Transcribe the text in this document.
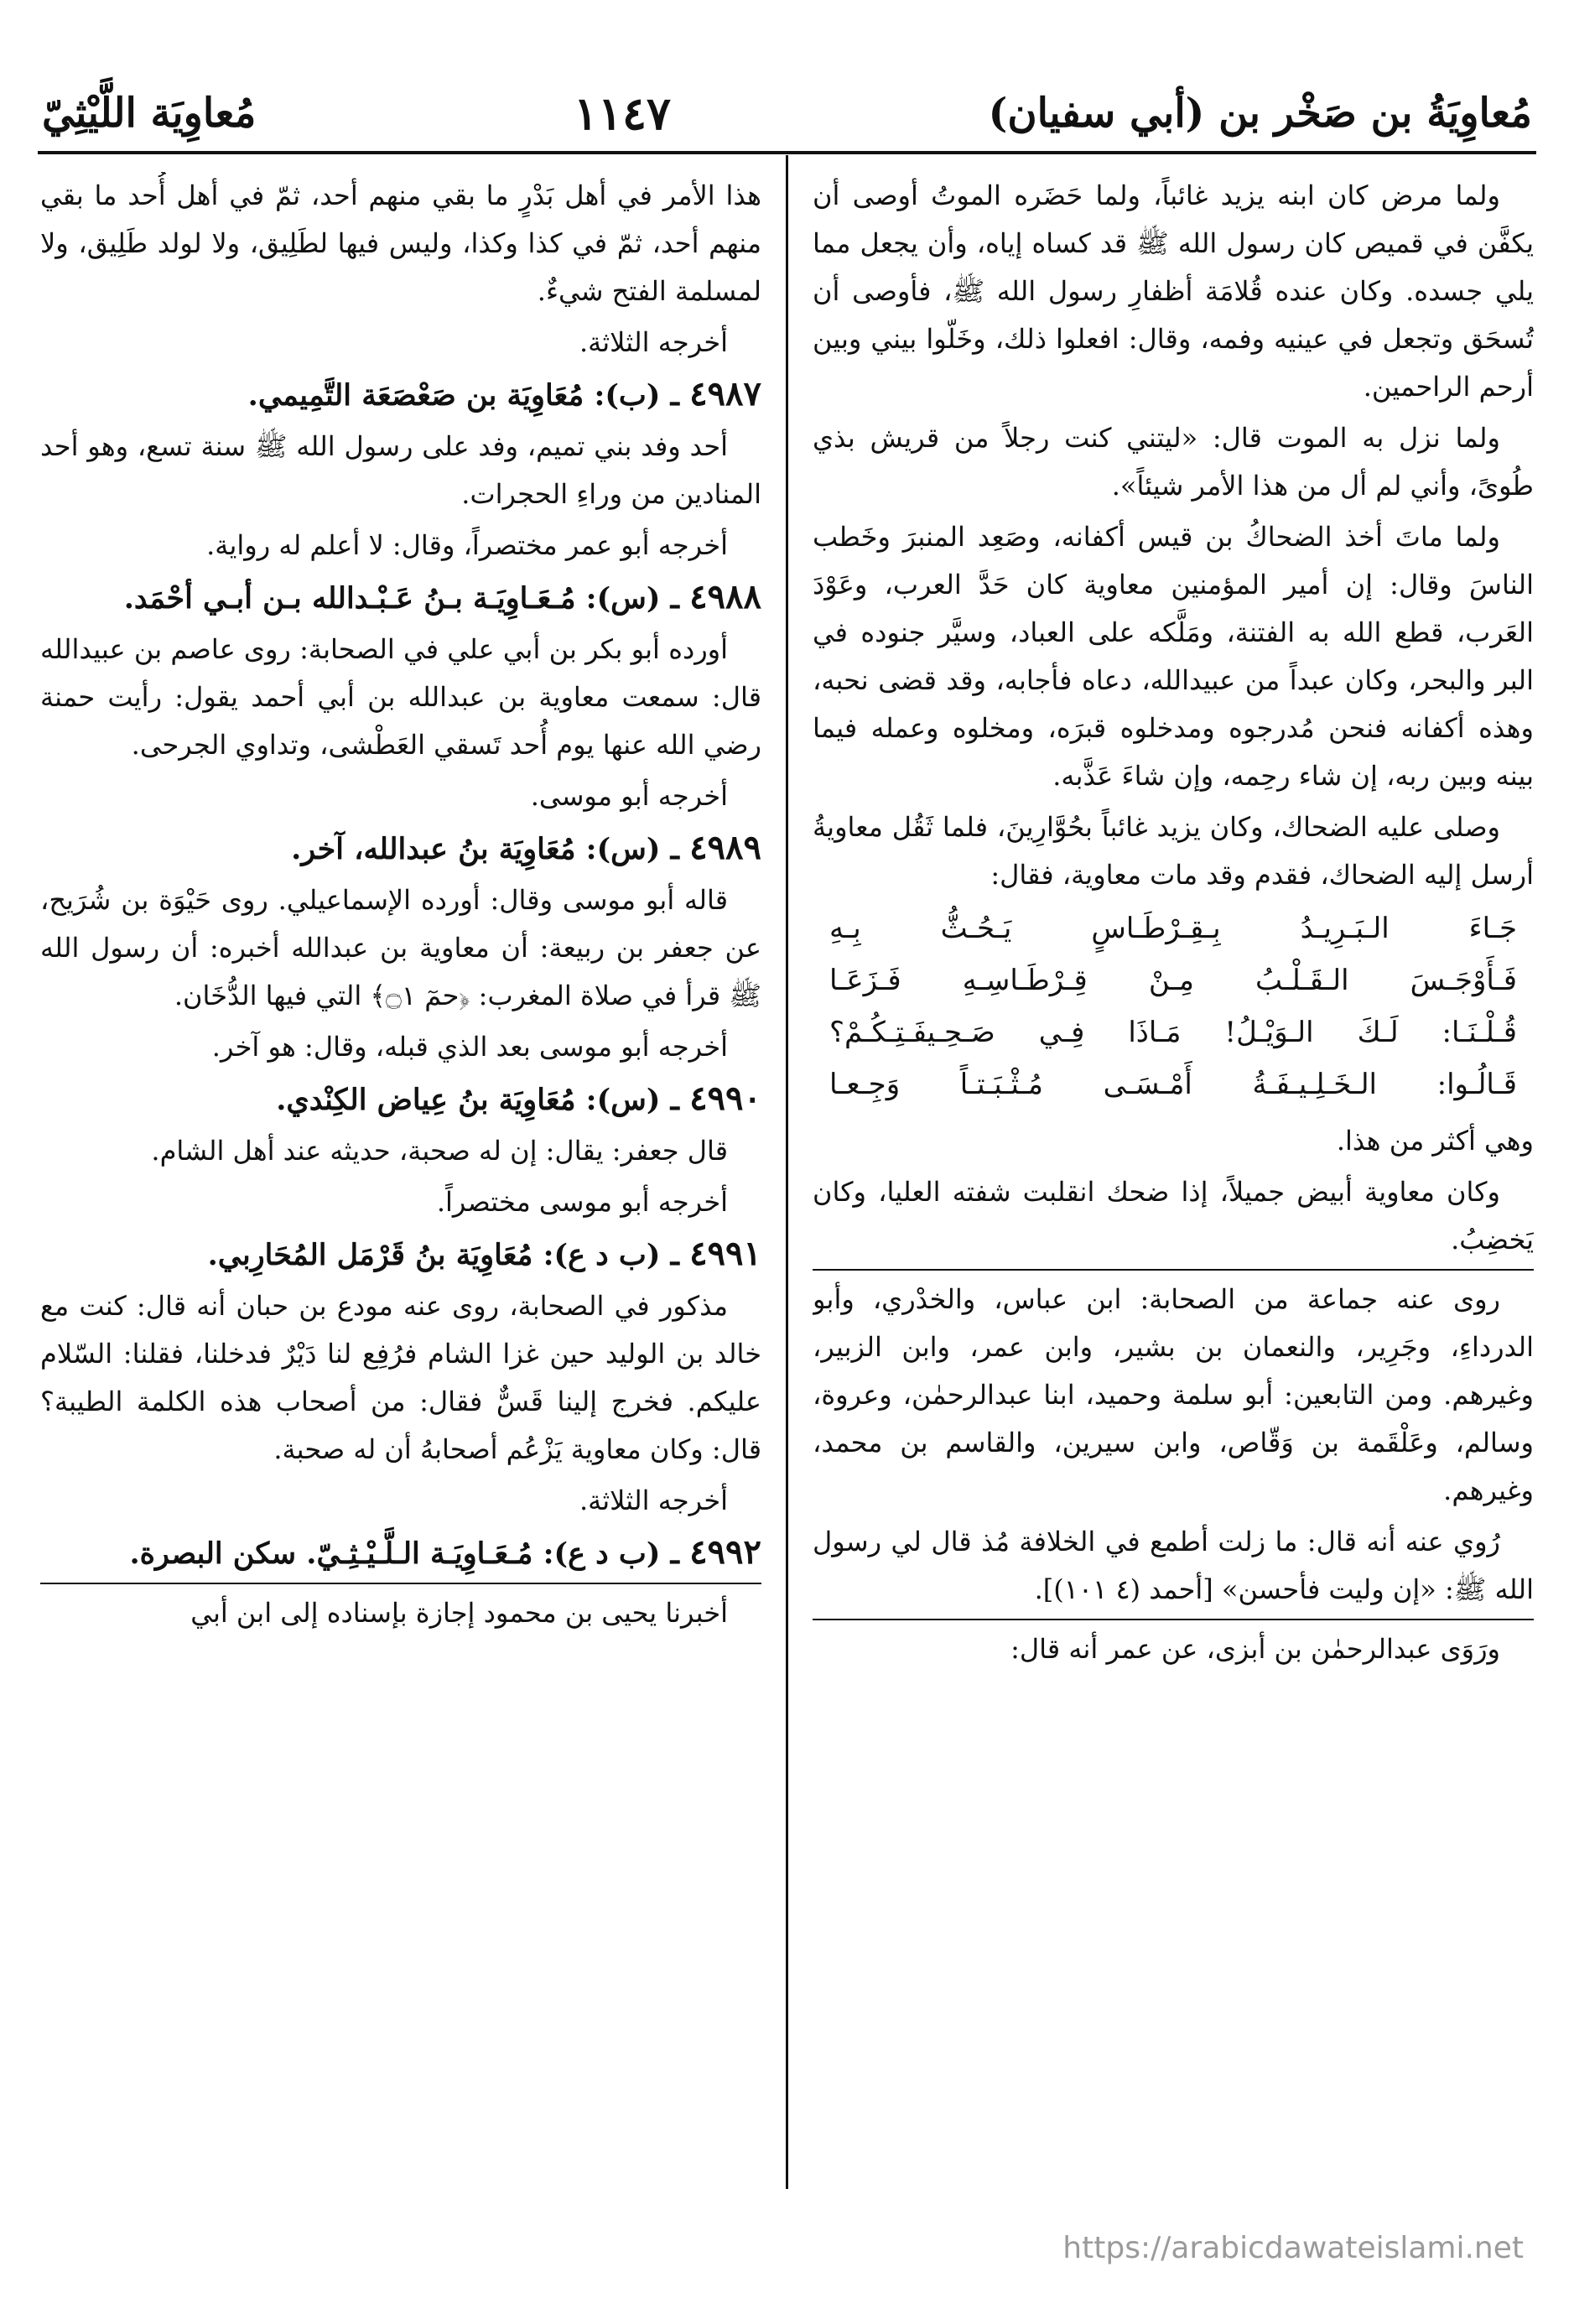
مُعاوِيَةُ بن صَخْر بن (أبي سفيان)
١١٤٧
مُعاوِيَة اللَّيْثِيّ

ولما مرض كان ابنه يزيد غائباً، ولما حَضَره الموتُ أوصى أن يكفَّن في قميص كان رسول الله ﷺ قد كساه إياه، وأن يجعل مما يلي جسده. وكان عنده قُلامَة أظفارِ رسول الله ﷺ، فأوصى أن تُسحَق وتجعل في عينيه وفمه، وقال: افعلوا ذلك، وخَلّوا بيني وبين أرحم الراحمين.

ولما نزل به الموت قال: «ليتني كنت رجلاً من قريش بذي طُوىً، وأني لم أل من هذا الأمر شيئاً».

ولما ماتَ أخذ الضحاكُ بن قيس أكفانه، وصَعِد المنبرَ وخَطب الناسَ وقال: إن أمير المؤمنين معاوية كان حَدَّ العرب، وعَوْدَ العَرب، قطع الله به الفتنة، ومَلَّكه على العباد، وسيَّر جنوده في البر والبحر، وكان عبداً من عبيدالله، دعاه فأجابه، وقد قضى نحبه، وهذه أكفانه فنحن مُدرجوه ومدخلوه قبرَه، ومخلوه وعمله فيما بينه وبين ربه، إن شاء رحِمه، وإن شاءَ عَذَّبه.

وصلى عليه الضحاك، وكان يزيد غائباً بحُوَّارِينَ، فلما ثَقُل معاويةُ أرسل إليه الضحاك، فقدم وقد مات معاوية، فقال:

جَـاءَ الـبَـرِيـدُ بِـقِـرْطَـاسٍ يَـحُـثُّ بِـهِ
فَـأَوْجَـسَ الـقَـلْـبُ مِـنْ قِـرْطَـاسِـهِ فَـزَعَـا
قُـلْـنَـا: لَـكَ الـوَيْـلُ! مَـاذَا فِـي صَـحِـيفَـتِـكُـمْ؟
قَـالُـوا: الـخَـلِـيـفَـةُ أَمْـسَـى مُـثْـبَـتـاً وَجِـعـا

وهي أكثر من هذا.

وكان معاوية أبيض جميلاً، إذا ضحك انقلبت شفته العليا، وكان يَخضِبُ.

روى عنه جماعة من الصحابة: ابن عباس، والخدْري، وأبو الدرداءِ، وجَرِير، والنعمان بن بشير، وابن عمر، وابن الزبير، وغيرهم. ومن التابعين: أبو سلمة وحميد، ابنا عبدالرحمٰن، وعروة، وسالم، وعَلْقَمة بن وَقّاص، وابن سيرين، والقاسم بن محمد، وغيرهم.

رُوي عنه أنه قال: ما زلت أطمع في الخلافة مُذ قال لي رسول الله ﷺ: «إن وليت فأحسن» [أحمد (٤ ١٠١)].

ورَوَى عبدالرحمٰن بن أبزى، عن عمر أنه قال:

هذا الأمر في أهل بَدْرٍ ما بقي منهم أحد، ثمّ في أهل أُحد ما بقي منهم أحد، ثمّ في كذا وكذا، وليس فيها لطَلِيق، ولا لولد طَلِيق، ولا لمسلمة الفتح شيءٌ.

أخرجه الثلاثة.

٤٩٨٧ ـ (ب): مُعَاوِيَة بن صَعْصَعَة التَّمِيمي.

أحد وفد بني تميم، وفد على رسول الله ﷺ سنة تسع، وهو أحد المنادين من وراءِ الحجرات.

أخرجه أبو عمر مختصراً، وقال: لا أعلم له رواية.

٤٩٨٨ ـ (س): مُـعَـاوِيَـة بـنُ عَـبْـدالله بـن أبـي أحْمَد.

أورده أبو بكر بن أبي علي في الصحابة: روى عاصم بن عبيدالله قال: سمعت معاوية بن عبدالله بن أبي أحمد يقول: رأيت حمنة رضي الله عنها يوم أُحد تَسقي العَطْشى، وتداوي الجرحى.

أخرجه أبو موسى.

٤٩٨٩ ـ (س): مُعَاوِيَة بنُ عبدالله، آخر.

قاله أبو موسى وقال: أورده الإسماعيلي. روى حَيْوَة بن شُرَيح، عن جعفر بن ربيعة: أن معاوية بن عبدالله أخبره: أن رسول الله ﷺ قرأ في صلاة المغرب: ﴿حمٓ ۝١﴾ التي فيها الدُّخَان.

أخرجه أبو موسى بعد الذي قبله، وقال: هو آخر.

٤٩٩٠ ـ (س): مُعَاوِيَة بنُ عِياض الكِنْدي.

قال جعفر: يقال: إن له صحبة، حديثه عند أهل الشام.

أخرجه أبو موسى مختصراً.

٤٩٩١ ـ (ب د ع): مُعَاوِيَة بنُ قَرْمَل المُحَارِبي.

مذكور في الصحابة، روى عنه مودع بن حبان أنه قال: كنت مع خالد بن الوليد حين غزا الشام فرُفِع لنا دَيْرٌ فدخلنا، فقلنا: السّلام عليكم. فخرج إلينا قَسٌّ فقال: من أصحاب هذه الكلمة الطيبة؟ قال: وكان معاوية يَزْعُم أصحابهُ أن له صحبة.

أخرجه الثلاثة.

٤٩٩٢ ـ (ب د ع): مُـعَـاوِيَـة الـلَّـيْـثِـيّ. سكن البصرة.

أخبرنا يحيى بن محمود إجازة بإسناده إلى ابن أبي

https://arabicdawateislami.net
